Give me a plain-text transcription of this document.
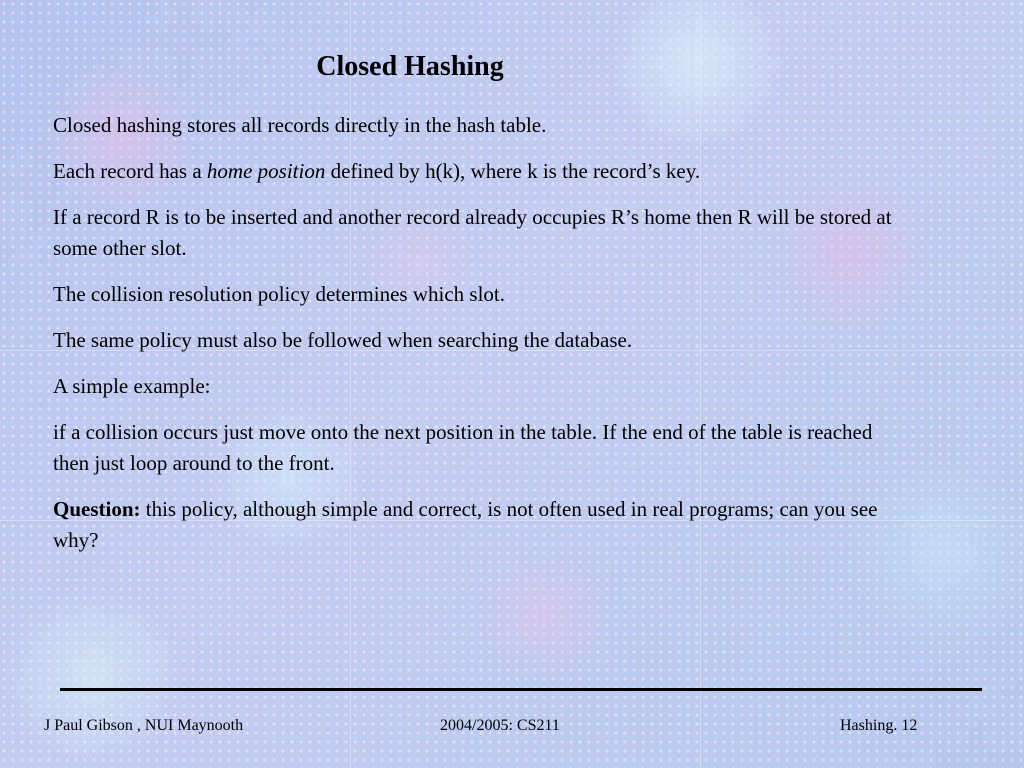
Closed Hashing

Closed hashing stores all records directly in the hash table.

Each record has a home position defined by h(k), where k is the record’s key.

If a record R is to be inserted and another record already occupies R’s home then R will be stored at some other slot.

The collision resolution policy determines which slot.

The same policy must also be followed when searching the database.

A simple example:

if a collision occurs just move onto the next position in the table. If the end of the table is reached then just loop around to the front.

Question: this policy, although simple and correct, is not often used in real programs; can you see why?

J Paul Gibson , NUI Maynooth	2004/2005: CS211	Hashing. 12
